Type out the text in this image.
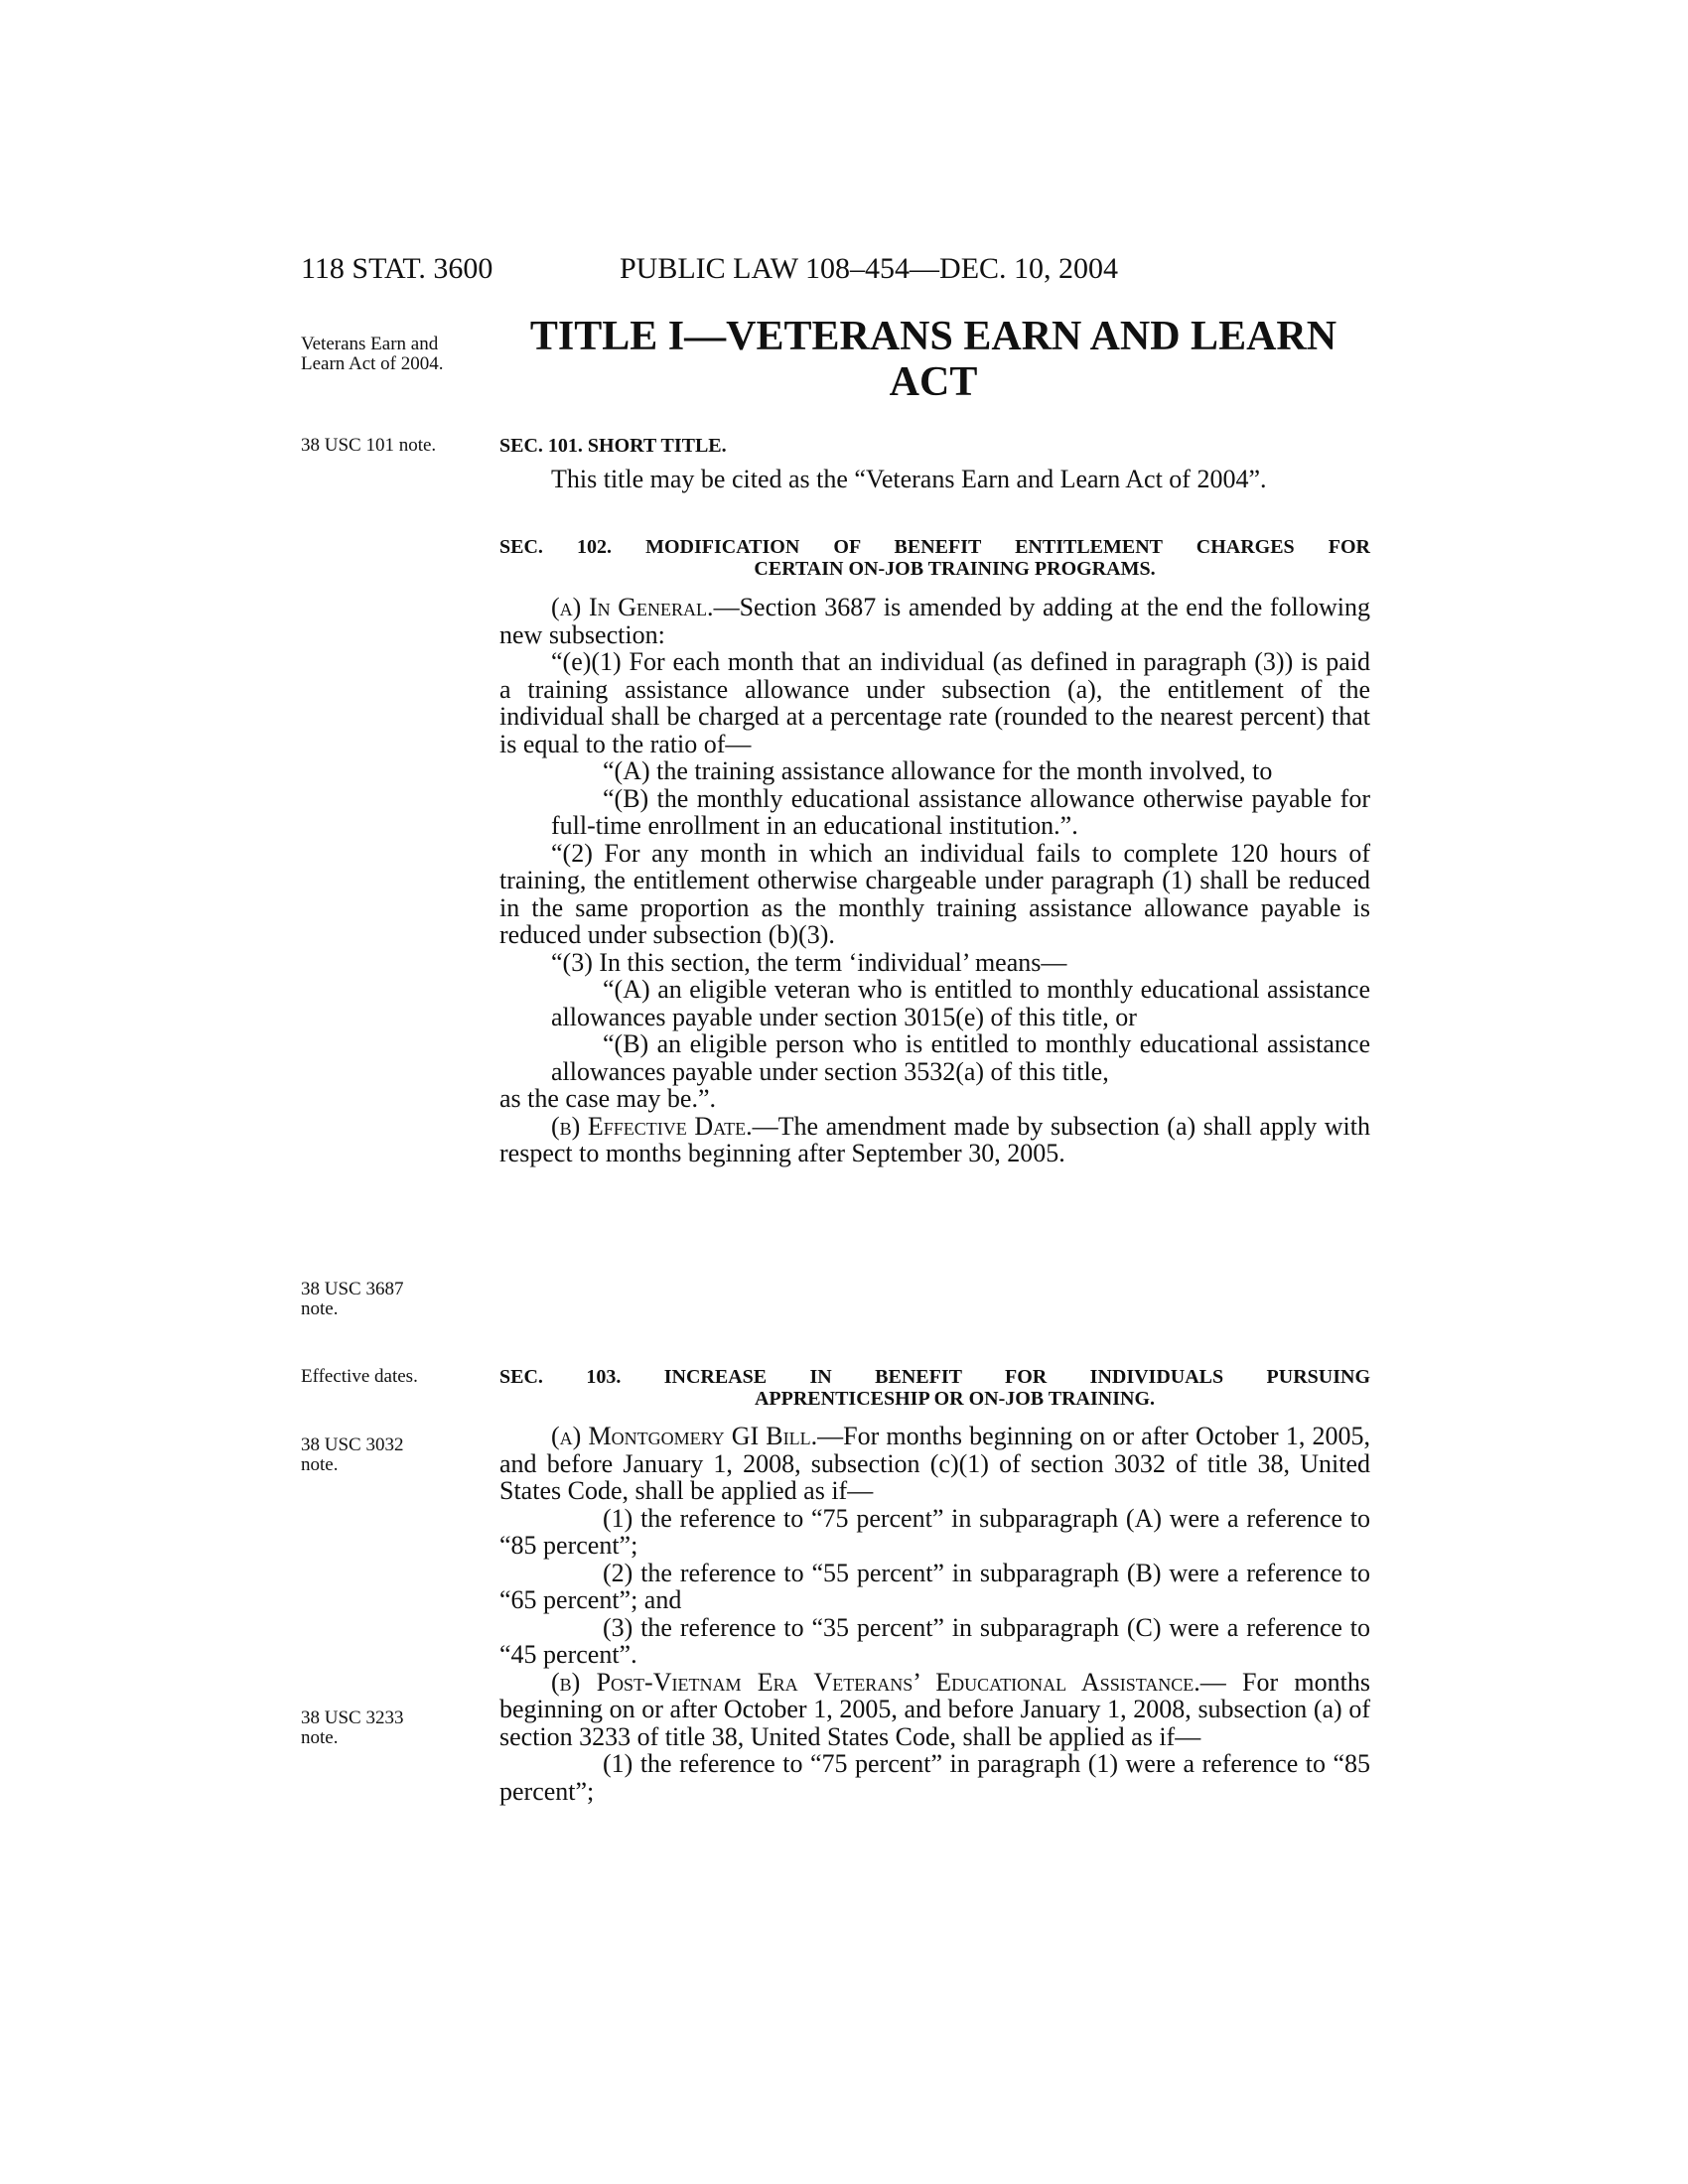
118 STAT. 3600	PUBLIC LAW 108–454—DEC. 10, 2004
Veterans Earn and Learn Act of 2004.
38 USC 101 note.
38 USC 3687 note.
Effective dates.
38 USC 3032 note.
38 USC 3233 note.
TITLE I—VETERANS EARN AND LEARN
ACT
SEC. 101. SHORT TITLE.

This title may be cited as the “Veterans Earn and Learn Act of 2004”.

SEC. 102. MODIFICATION OF BENEFIT ENTITLEMENT CHARGES FOR
CERTAIN ON-JOB TRAINING PROGRAMS.

(a) In General.—Section 3687 is amended by adding at the end the following new subsection:

“(e)(1) For each month that an individual (as defined in paragraph (3)) is paid a training assistance allowance under subsection (a), the entitlement of the individual shall be charged at a percentage rate (rounded to the nearest percent) that is equal to the ratio of—

“(A) the training assistance allowance for the month involved, to

“(B) the monthly educational assistance allowance otherwise payable for full-time enrollment in an educational institution.”.

“(2) For any month in which an individual fails to complete 120 hours of training, the entitlement otherwise chargeable under paragraph (1) shall be reduced in the same proportion as the monthly training assistance allowance payable is reduced under subsection (b)(3).

“(3) In this section, the term ‘individual’ means—

“(A) an eligible veteran who is entitled to monthly educational assistance allowances payable under section 3015(e) of this title, or

“(B) an eligible person who is entitled to monthly educational assistance allowances payable under section 3532(a) of this title,

as the case may be.”.

(b) Effective Date.—The amendment made by subsection (a) shall apply with respect to months beginning after September 30, 2005.

SEC. 103. INCREASE IN BENEFIT FOR INDIVIDUALS PURSUING
APPRENTICESHIP OR ON-JOB TRAINING.

(a) Montgomery GI Bill.—For months beginning on or after October 1, 2005, and before January 1, 2008, subsection (c)(1) of section 3032 of title 38, United States Code, shall be applied as if—

(1) the reference to “75 percent” in subparagraph (A) were a reference to “85 percent”;

(2) the reference to “55 percent” in subparagraph (B) were a reference to “65 percent”; and

(3) the reference to “35 percent” in subparagraph (C) were a reference to “45 percent”.

(b) Post-Vietnam Era Veterans’ Educational Assistance.— For months beginning on or after October 1, 2005, and before January 1, 2008, subsection (a) of section 3233 of title 38, United States Code, shall be applied as if—

(1) the reference to “75 percent” in paragraph (1) were a reference to “85 percent”;
